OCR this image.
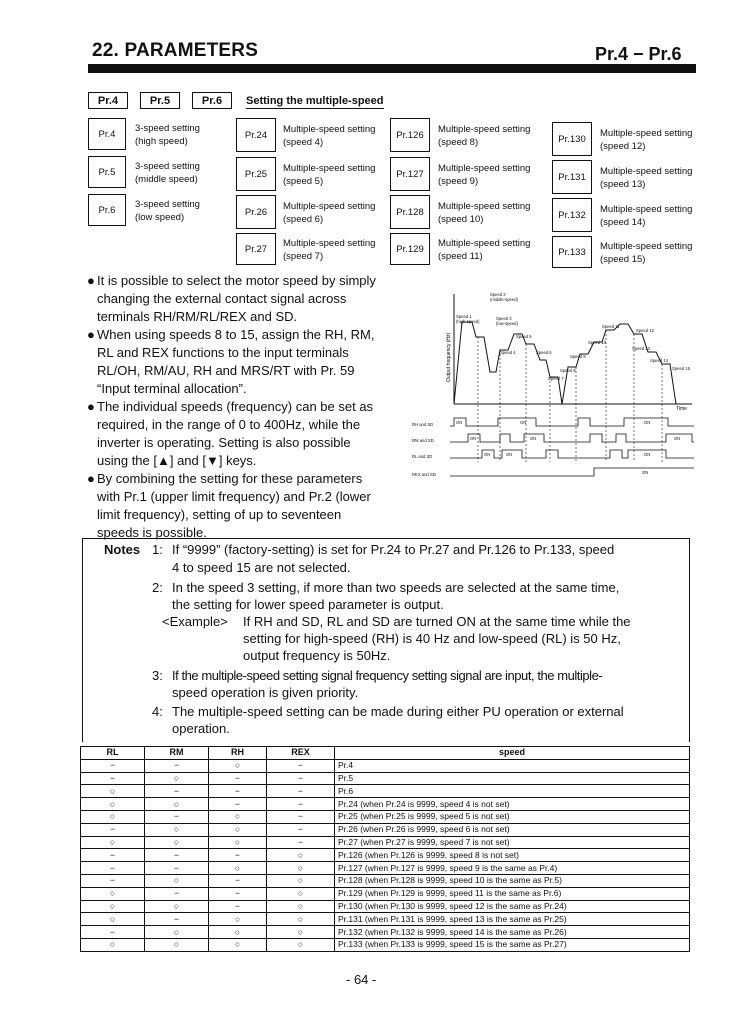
22. PARAMETERS	Pr.4 − Pr.6
Pr.4	Pr.5	Pr.6	Setting the multiple-speed
Pr.4	3-speed setting
(high speed)
Pr.5	3-speed setting
(middle speed)
Pr.6	3-speed setting
(low speed)
Pr.24	Multiple-speed setting
(speed 4)
Pr.25	Multiple-speed setting
(speed 5)
Pr.26	Multiple-speed setting
(speed 6)
Pr.27	Multiple-speed setting
(speed 7)
Pr.126	Multiple-speed setting
(speed 8)
Pr.127	Multiple-speed setting
(speed 9)
Pr.128	Multiple-speed setting
(speed 10)
Pr.129	Multiple-speed setting
(speed 11)
Pr.130	Multiple-speed setting
(speed 12)
Pr.131	Multiple-speed setting
(speed 13)
Pr.132	Multiple-speed setting
(speed 14)
Pr.133	Multiple-speed setting
(speed 15)
● It is possible to select the motor speed by simply
changing the external contact signal across
terminals RH/RM/RL/REX and SD.
● When using speeds 8 to 15, assign the RH, RM,
RL and REX functions to the input terminals
RL/OH, RM/AU, RH and MRS/RT with Pr. 59
“Input terminal allocation”.
● The individual speeds (frequency) can be set as
required, in the range of 0 to 400Hz, while the
inverter is operating. Setting is also possible
using the [▲] and [▼] keys.
● By combining the setting for these parameters
with Pr.1 (upper limit frequency) and Pr.2 (lower
limit frequency), setting of up to seventeen
speeds is possible.
Output frequency (Hz)
Time
Speed 1
(high-speed)
Speed 2
(middle-speed)
Speed 3
(low-speed)
Speed 4
Speed 5
Speed 6
Speed 7
Speed 8
Speed 9
Speed 10
Speed 11
Speed 12
Speed 13
Speed 14
Speed 15
RH and SD
RM and SD
RL and SD
REX and SD
ON	ON	ON
ON	ON	ON
ON	ON	ON
ON
Notes 1: If “9999” (factory-setting) is set for Pr.24 to Pr.27 and Pr.126 to Pr.133, speed
4 to speed 15 are not selected.
2: In the speed 3 setting, if more than two speeds are selected at the same time,
the setting for lower speed parameter is output.
<Example> If RH and SD, RL and SD are turned ON at the same time while the
setting for high-speed (RH) is 40 Hz and low-speed (RL) is 50 Hz,
output frequency is 50Hz.
3: If the multiple-speed setting signal frequency setting signal are input, the multiple-
speed operation is given priority.
4: The multiple-speed setting can be made during either PU operation or external
operation.
RL	RM	RH	REX	speed
−	−	○	−	Pr.4
−	○	−	−	Pr.5
○	−	−	−	Pr.6
○	○	−	−	Pr.24 (when Pr.24 is 9999, speed 4 is not set)
○	−	○	−	Pr.25 (when Pr.25 is 9999, speed 5 is not set)
−	○	○	−	Pr.26 (when Pr.26 is 9999, speed 6 is not set)
○	○	○	−	Pr.27 (when Pr.27 is 9999, speed 7 is not set)
−	−	−	○	Pr.126 (when Pr.126 is 9999, speed 8 is not set)
−	−	○	○	Pr.127 (when Pr.127 is 9999, speed 9 is the same as Pr.4)
−	○	−	○	Pr.128 (when Pr.128 is 9999, speed 10 is the same as Pr.5)
○	−	−	○	Pr.129 (when Pr.129 is 9999, speed 11 is the same as Pr.6)
○	○	−	○	Pr.130 (when Pr.130 is 9999, speed 12 is the same as Pr.24)
○	−	○	○	Pr.131 (when Pr.131 is 9999, speed 13 is the same as Pr.25)
−	○	○	○	Pr.132 (when Pr.132 is 9999, speed 14 is the same as Pr.26)
○	○	○	○	Pr.133 (when Pr.133 is 9999, speed 15 is the same as Pr.27)
- 64 -
